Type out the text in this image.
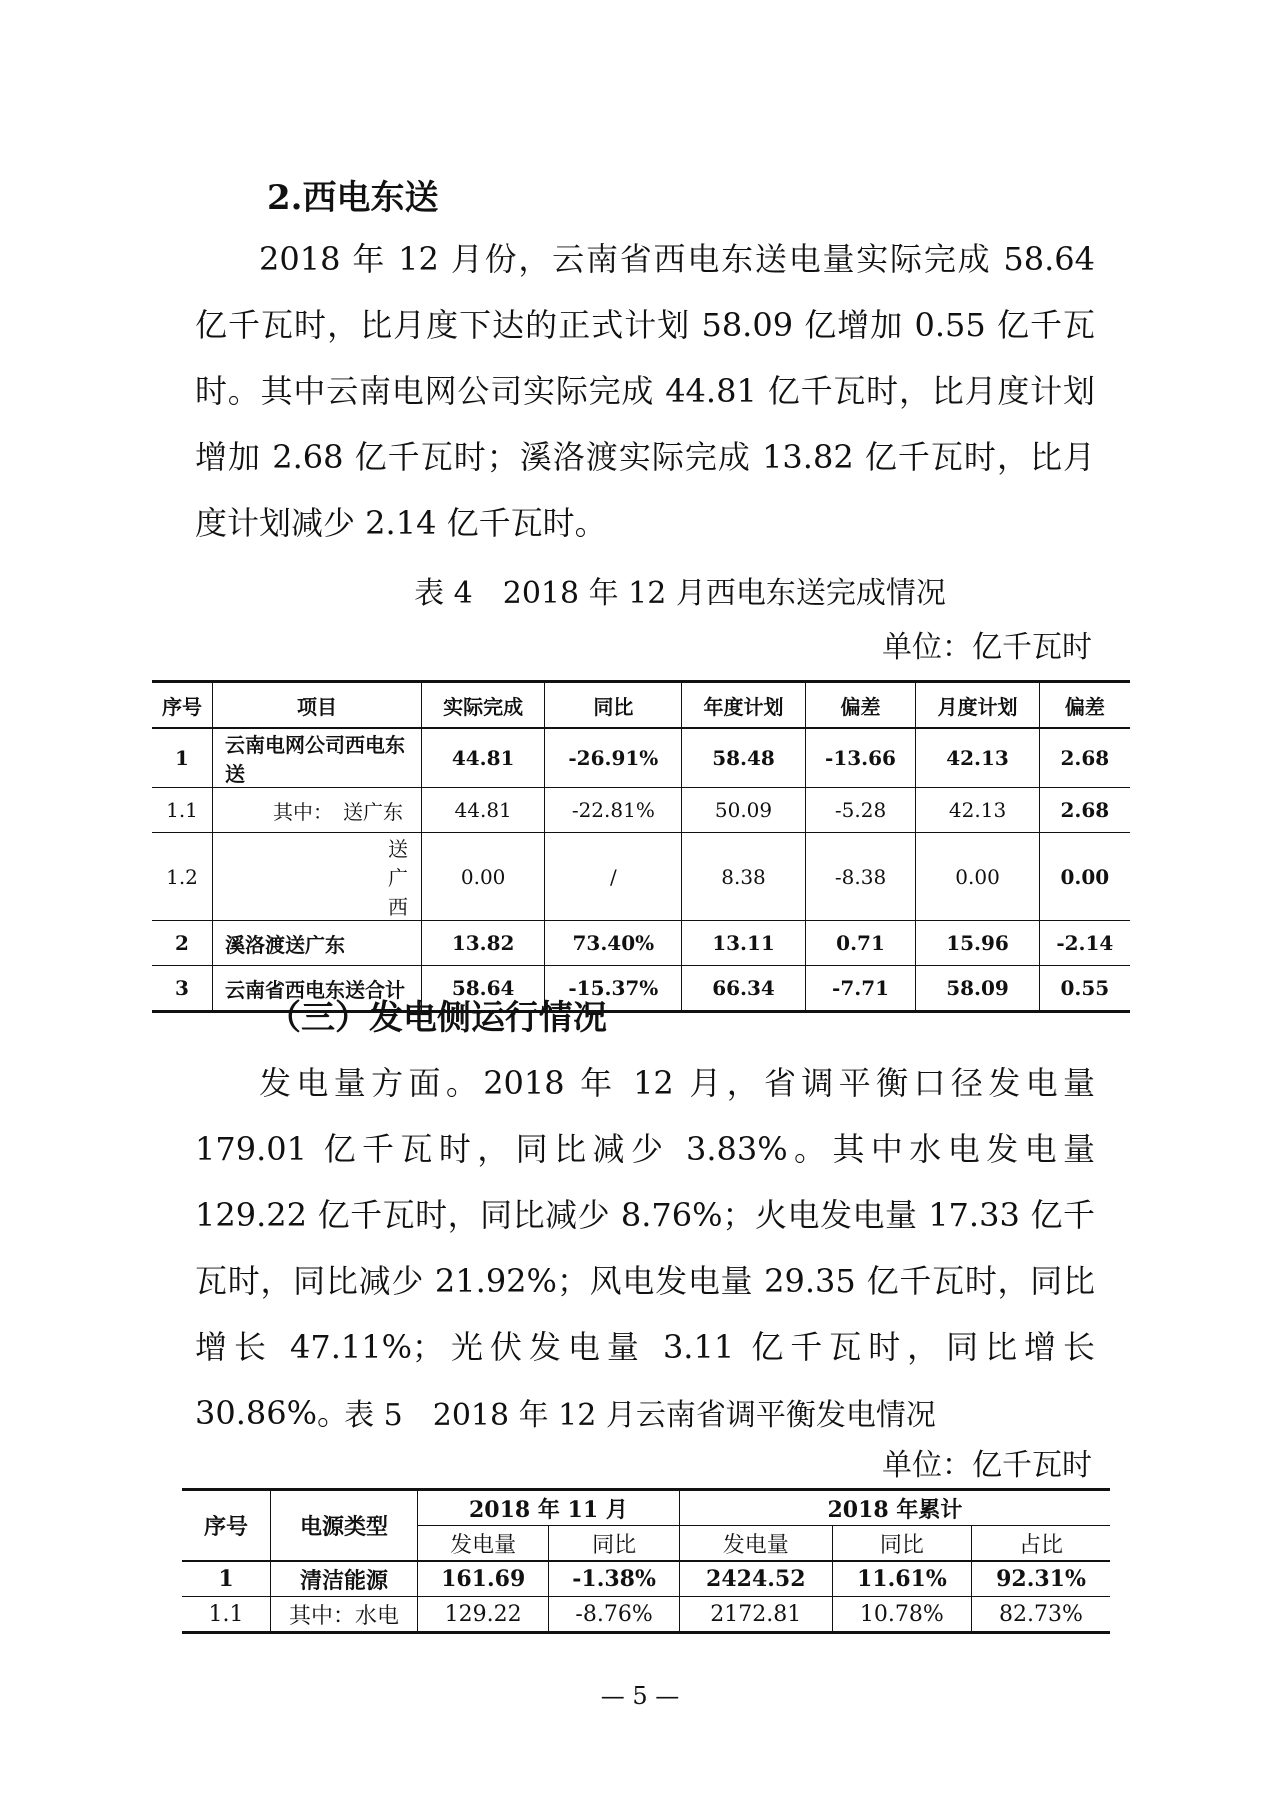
2.西电东送

2018 年 12 月份，云南省西电东送电量实际完成 58.64 亿千瓦时，比月度下达的正式计划 58.09 亿增加 0.55 亿千瓦时。其中云南电网公司实际完成 44.81 亿千瓦时，比月度计划增加 2.68 亿千瓦时；溪洛渡实际完成 13.82 亿千瓦时，比月度计划减少 2.14 亿千瓦时。

表 4　2018 年 12 月西电东送完成情况

单位：亿千瓦时

序号	项目	实际完成	同比	年度计划	偏差	月度计划	偏差
1	云南电网公司西电东送	44.81	-26.91%	58.48	-13.66	42.13	2.68
1.1	其中：　送广东	44.81	-22.81%	50.09	-5.28	42.13	2.68
1.2	送广西	0.00	/	8.38	-8.38	0.00	0.00
2	溪洛渡送广东	13.82	73.40%	13.11	0.71	15.96	-2.14
3	云南省西电东送合计	58.64	-15.37%	66.34	-7.71	58.09	0.55
（三）发电侧运行情况

发电量方面。2018 年 12 月，省调平衡口径发电量 179.01 亿千瓦时，同比减少 3.83%。其中水电发电量 129.22 亿千瓦时，同比减少 8.76%；火电发电量 17.33 亿千瓦时，同比减少 21.92%；风电发电量 29.35 亿千瓦时，同比增长 47.11%；光伏发电量 3.11 亿千瓦时，同比增长 30.86%。

表 5　2018 年 12 月云南省调平衡发电情况

单位：亿千瓦时

序号	电源类型	2018 年 11 月		2018 年累计		
		发电量	同比	发电量	同比	占比
1	清洁能源	161.69	-1.38%	2424.52	11.61%	92.31%
1.1	其中：水电	129.22	-8.76%	2172.81	10.78%	82.73%

— 5 —
